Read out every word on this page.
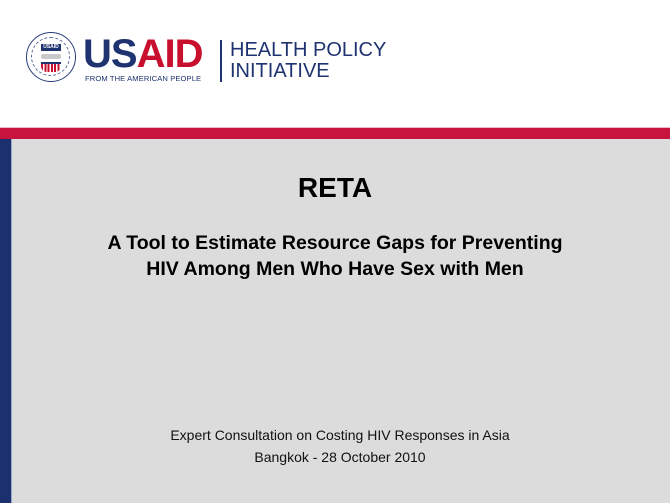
USAID USAID
FROM THE AMERICAN PEOPLE
HEALTH POLICY
INITIATIVE
RETA
A Tool to Estimate Resource Gaps for Preventing
HIV Among Men Who Have Sex with Men
Expert Consultation on Costing HIV Responses in Asia
Bangkok - 28 October 2010
